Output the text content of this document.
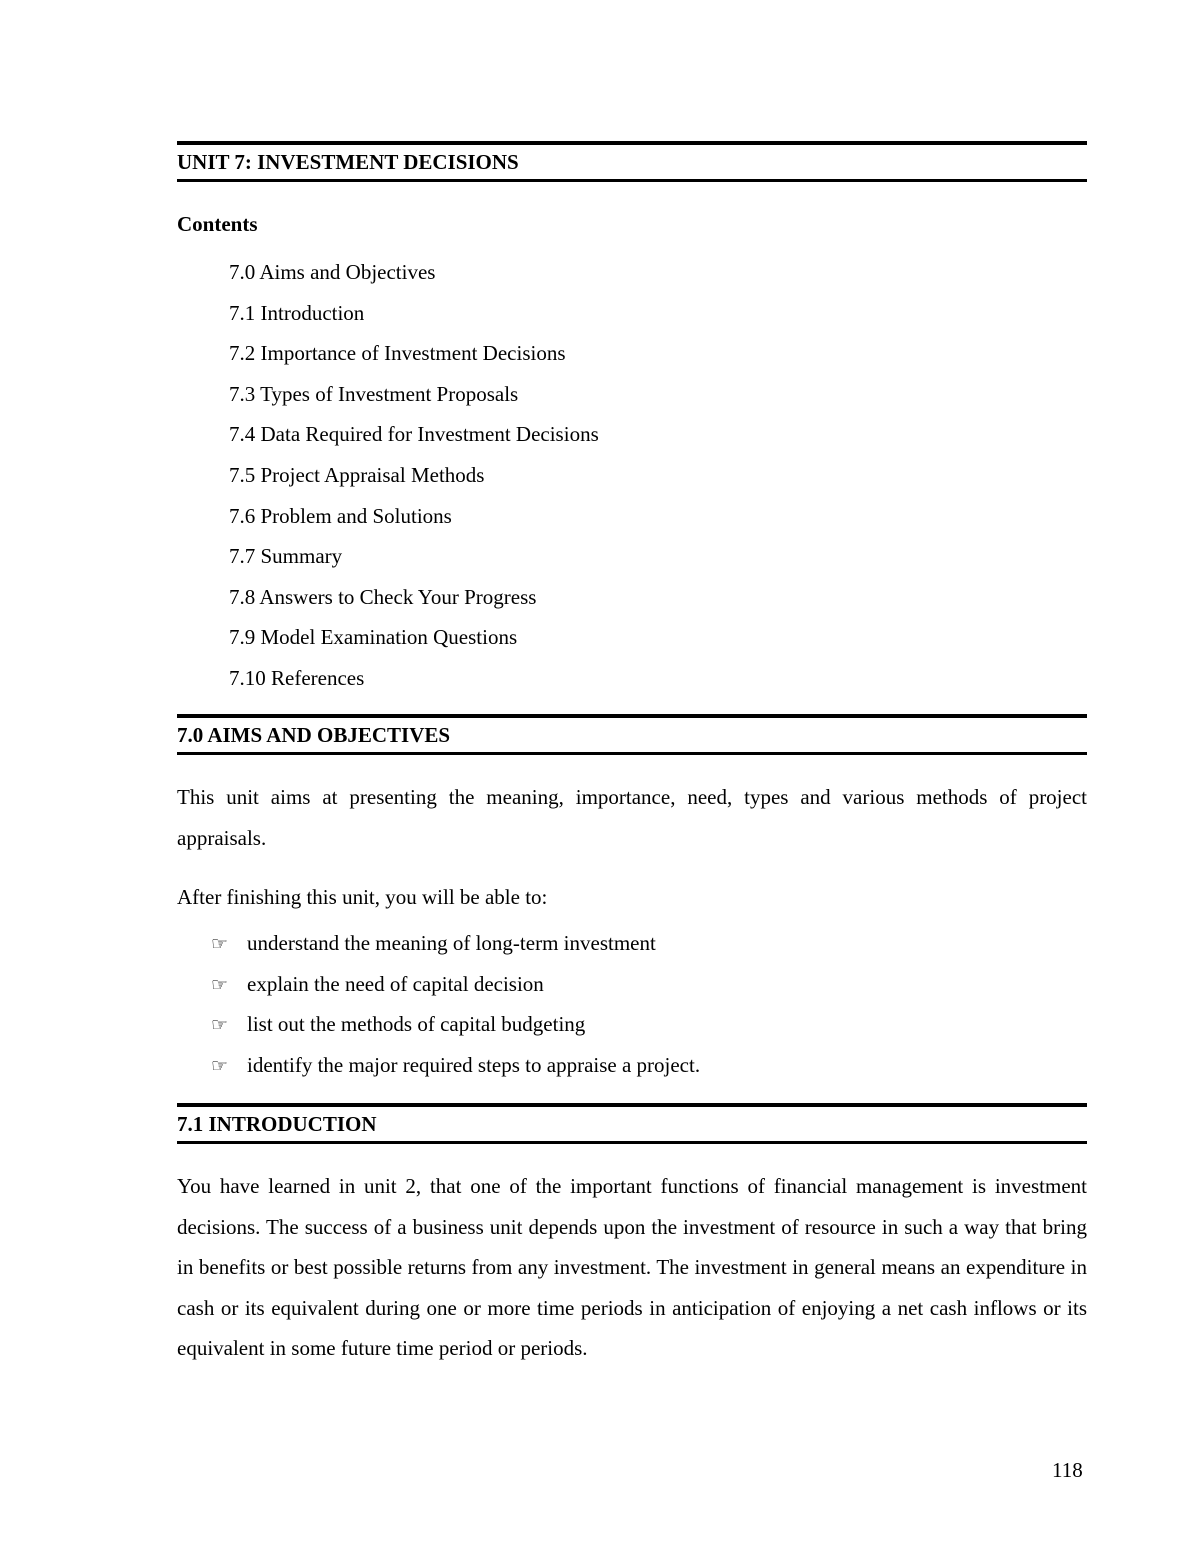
UNIT 7: INVESTMENT DECISIONS

Contents

7.0 Aims and Objectives
7.1 Introduction
7.2 Importance of Investment Decisions
7.3 Types of Investment Proposals
7.4 Data Required for Investment Decisions
7.5 Project Appraisal Methods
7.6 Problem and Solutions
7.7 Summary
7.8 Answers to Check Your Progress
7.9 Model Examination Questions
7.10 References

7.0 AIMS AND OBJECTIVES

This unit aims at presenting the meaning, importance, need, types and various methods of project appraisals.

After finishing this unit, you will be able to:

☞ understand the meaning of long-term investment
☞ explain the need of capital decision
☞ list out the methods of capital budgeting
☞ identify the major required steps to appraise a project.

7.1 INTRODUCTION

You have learned in unit 2, that one of the important functions of financial management is investment decisions. The success of a business unit depends upon the investment of resource in such a way that bring in benefits or best possible returns from any investment. The investment in general means an expenditure in cash or its equivalent during one or more time periods in anticipation of enjoying a net cash inflows or its equivalent in some future time period or periods.

118
